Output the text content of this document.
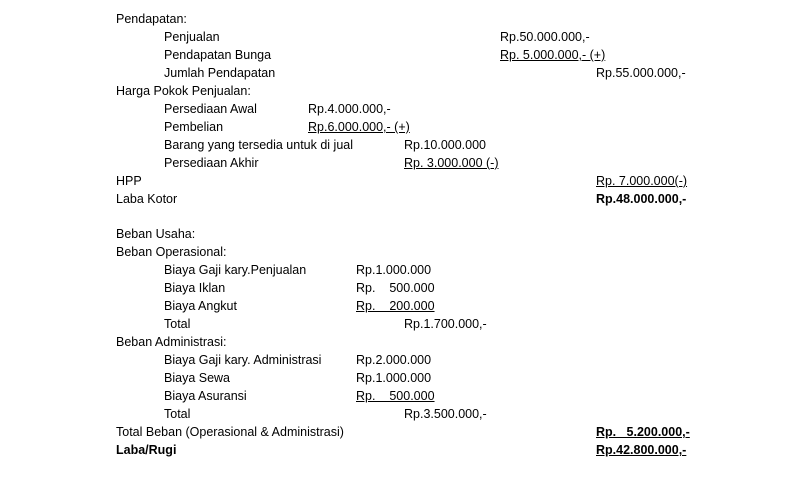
Pendapatan:
Penjualan	Rp.50.000.000,-
Pendapatan Bunga	Rp. 5.000.000,- (+)
Jumlah Pendapatan	Rp.55.000.000,-
Harga Pokok Penjualan:
Persediaan Awal	Rp.4.000.000,-
Pembelian	Rp.6.000.000,- (+)
Barang yang tersedia untuk di jual	Rp.10.000.000
Persediaan Akhir	Rp. 3.000.000 (-)
HPP	Rp. 7.000.000(-)
Laba Kotor	Rp.48.000.000,-
Beban Usaha:
Beban Operasional:
Biaya Gaji kary.Penjualan	Rp.1.000.000
Biaya Iklan	Rp.    500.000
Biaya Angkut	Rp.    200.000
Total	Rp.1.700.000,-
Beban Administrasi:
Biaya Gaji kary. Administrasi	Rp.2.000.000
Biaya Sewa	Rp.1.000.000
Biaya Asuransi	Rp.    500.000
Total	Rp.3.500.000,-
Total Beban (Operasional & Administrasi)	Rp.   5.200.000,-
Laba/Rugi	Rp.42.800.000,-
